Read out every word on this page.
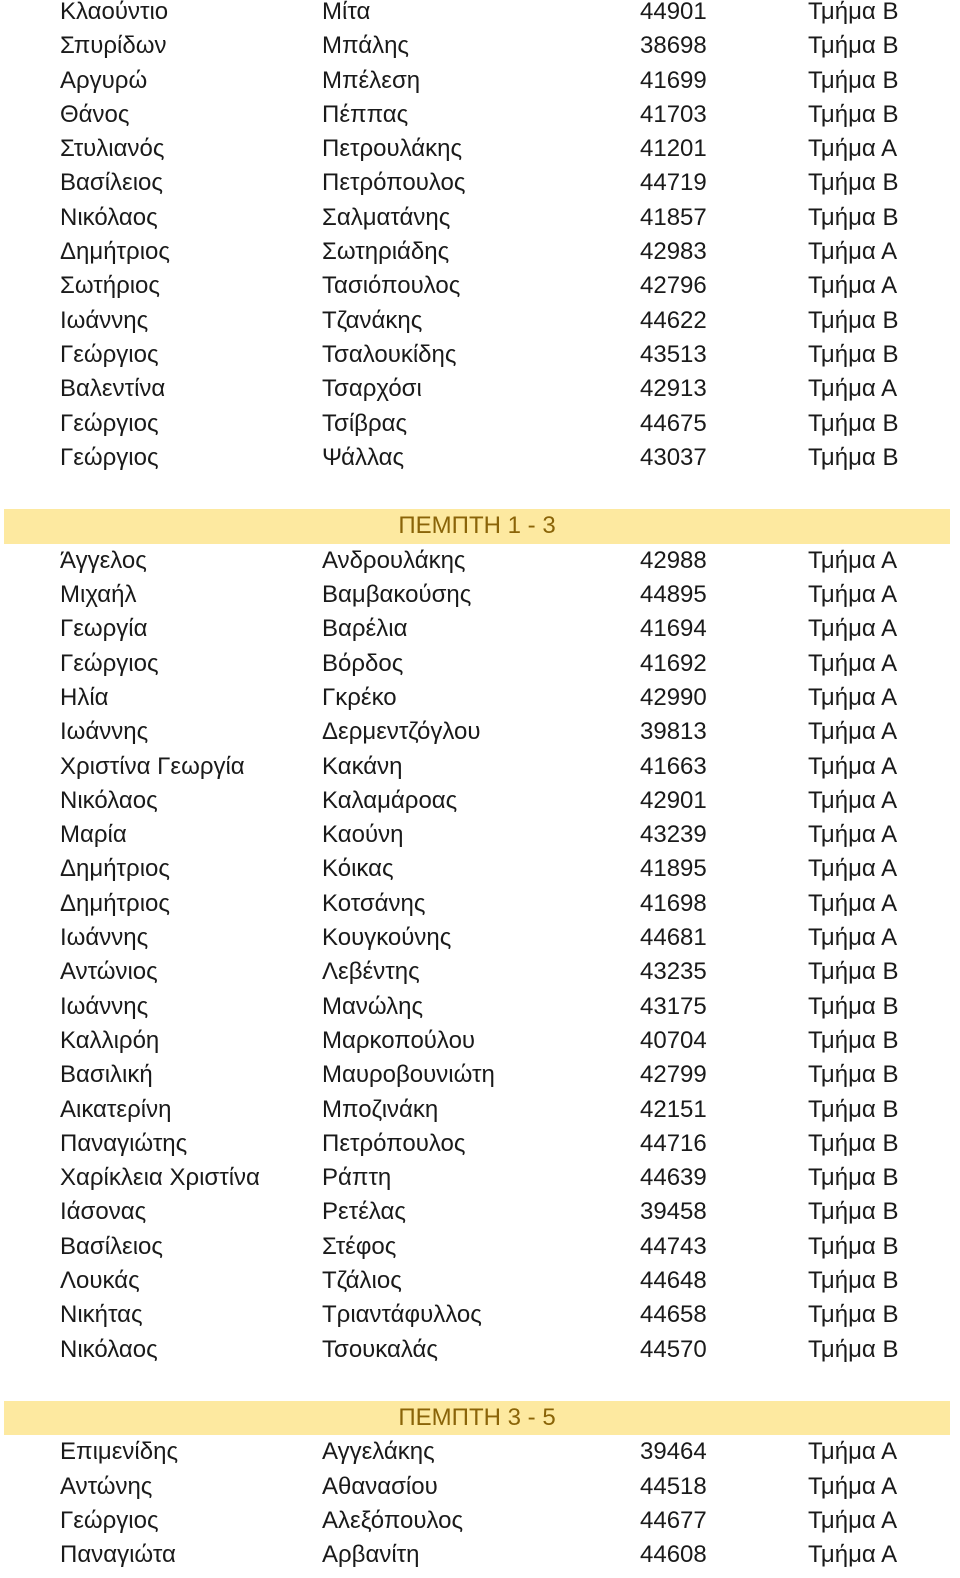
Κλαούντιο	Μίτα	44901	Τμήμα Β
Σπυρίδων	Μπάλης	38698	Τμήμα Β
Αργυρώ	Μπέλεση	41699	Τμήμα Β
Θάνος	Πέππας	41703	Τμήμα Β
Στυλιανός	Πετρουλάκης	41201	Τμήμα Α
Βασίλειος	Πετρόπουλος	44719	Τμήμα Β
Νικόλαος	Σαλματάνης	41857	Τμήμα Β
Δημήτριος	Σωτηριάδης	42983	Τμήμα Α
Σωτήριος	Τασιόπουλος	42796	Τμήμα Α
Ιωάννης	Τζανάκης	44622	Τμήμα Β
Γεώργιος	Τσαλουκίδης	43513	Τμήμα Β
Βαλεντίνα	Τσαρχόσι	42913	Τμήμα Α
Γεώργιος	Τσίβρας	44675	Τμήμα Β
Γεώργιος	Ψάλλας	43037	Τμήμα Β
ΠΕΜΠΤΗ 1 - 3
Άγγελος	Ανδρουλάκης	42988	Τμήμα Α
Μιχαήλ	Βαμβακούσης	44895	Τμήμα Α
Γεωργία	Βαρέλια	41694	Τμήμα Α
Γεώργιος	Βόρδος	41692	Τμήμα Α
Ηλία	Γκρέκο	42990	Τμήμα Α
Ιωάννης	Δερμεντζόγλου	39813	Τμήμα Α
Χριστίνα Γεωργία	Κακάνη	41663	Τμήμα Α
Νικόλαος	Καλαμάροας	42901	Τμήμα Α
Μαρία	Καούνη	43239	Τμήμα Α
Δημήτριος	Κόικας	41895	Τμήμα Α
Δημήτριος	Κοτσάνης	41698	Τμήμα Α
Ιωάννης	Κουγκούνης	44681	Τμήμα Α
Αντώνιος	Λεβέντης	43235	Τμήμα Β
Ιωάννης	Μανώλης	43175	Τμήμα Β
Καλλιρόη	Μαρκοπούλου	40704	Τμήμα Β
Βασιλική	Μαυροβουνιώτη	42799	Τμήμα Β
Αικατερίνη	Μποζινάκη	42151	Τμήμα Β
Παναγιώτης	Πετρόπουλος	44716	Τμήμα Β
Χαρίκλεια Χριστίνα	Ράπτη	44639	Τμήμα Β
Ιάσονας	Ρετέλας	39458	Τμήμα Β
Βασίλειος	Στέφος	44743	Τμήμα Β
Λουκάς	Τζάλιος	44648	Τμήμα Β
Νικήτας	Τριαντάφυλλος	44658	Τμήμα Β
Νικόλαος	Τσουκαλάς	44570	Τμήμα Β
ΠΕΜΠΤΗ 3 - 5
Επιμενίδης	Αγγελάκης	39464	Τμήμα Α
Αντώνης	Αθανασίου	44518	Τμήμα Α
Γεώργιος	Αλεξόπουλος	44677	Τμήμα Α
Παναγιώτα	Αρβανίτη	44608	Τμήμα Α
